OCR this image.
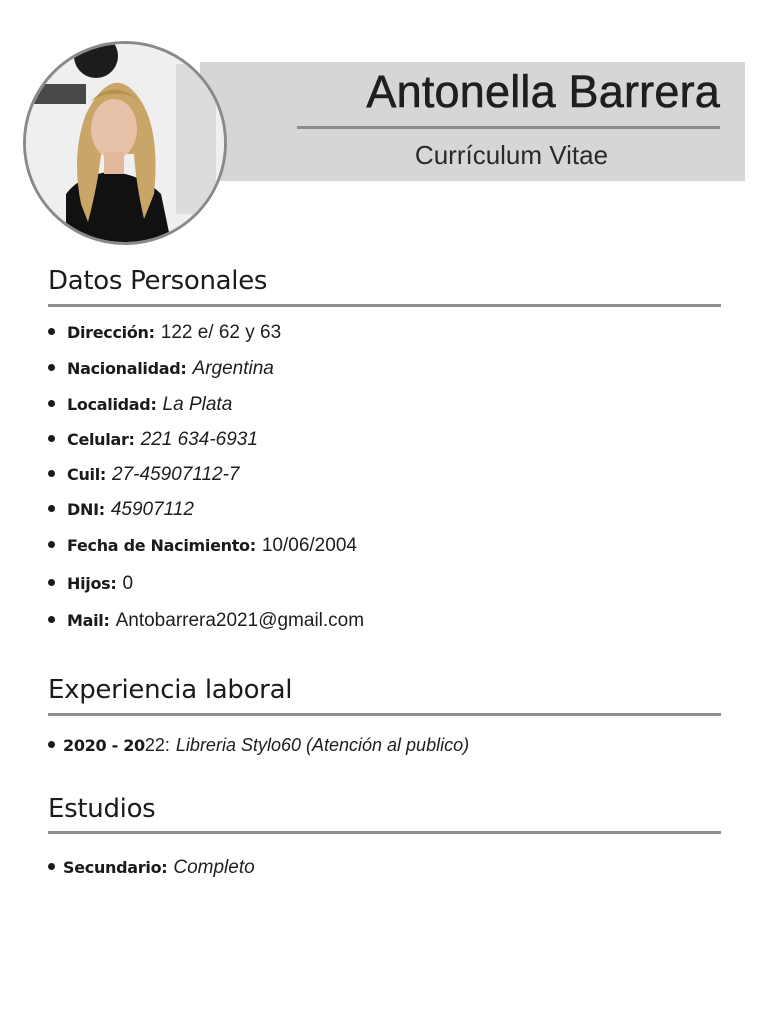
Antonella Barrera
Currículum Vitae
Datos Personales
Dirección: 122 e/ 62 y 63
Nacionalidad: Argentina
Localidad: La Plata
Celular: 221 634-6931
Cuil: 27-45907112-7
DNI: 45907112
Fecha de Nacimiento: 10/06/2004
Hijos: 0
Mail: Antobarrera2021@gmail.com
Experiencia laboral
2020 - 20 22: Libreria Stylo60 (Atención al publico)
Estudios
Secundario: Completo
